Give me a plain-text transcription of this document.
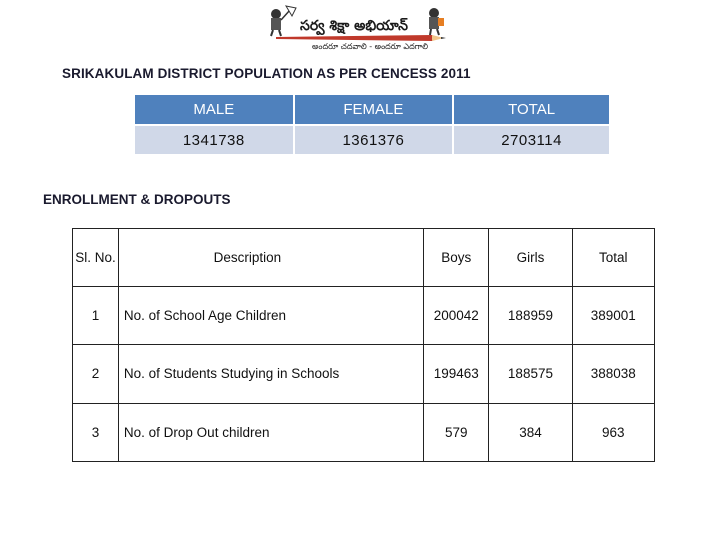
సర్వ శిక్షా అభియాన్
అందరూ చదవాలి - అందరూ ఎదగాలి
SRIKAKULAM DISTRICT POPULATION AS PER CENCESS 2011
MALE	FEMALE	TOTAL
1341738	1361376	2703114
ENROLLMENT & DROPOUTS
Sl. No.	Description		Boys	Girls	Total
1	No. of School Age Children		200042	188959	389001
2	No. of Students Studying in Schools		199463	188575	388038
3	No. of Drop Out children		579	384	963
